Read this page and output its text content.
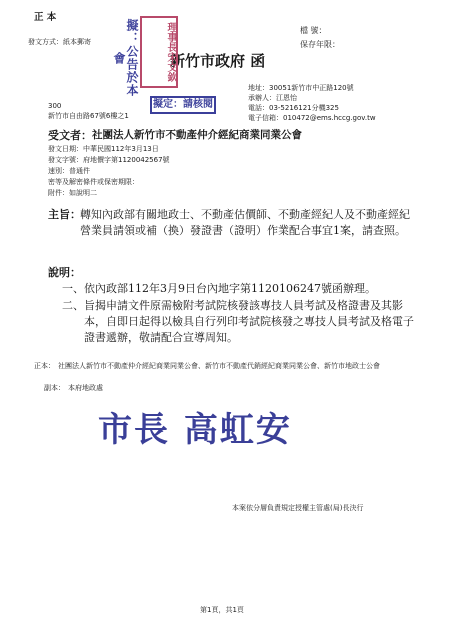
正 本
檔 號：
保存年限：
發文方式：紙本郵寄
新竹市政府 函
地址：30051新竹市中正路120號
承辦人：江恩怡
電話：03-5216121分機325
電子信箱：010472@ems.hccg.gov.tw
擬：公告於本會	理事長宋文欽
擬定：請核閱
300
新竹市自由路67號6樓之1
受文者： 社團法人新竹市不動產仲介經紀商業同業公會
發文日期：中華民國112年3月13日
發文字號：府地價字第1120042567號
速別：普通件
密等及解密條件或保密期限：
附件：如說明二
主旨： 轉知內政部有關地政士、不動產估價師、不動產經紀人及不動產經紀營業員請領或補（換）發證書（證明）作業配合事宜1案，請查照。
說明：
一、 依內政部112年3月9日台內地字第1120106247號函辦理。
二、 旨揭申請文件原需檢附考試院核發該專技人員考試及格證書及其影本，自即日起得以檢具自行列印考試院核發之專技人員考試及格電子證書遞辦，敬請配合宣導周知。
正本： 社團法人新竹市不動產仲介經紀商業同業公會、新竹市不動產代銷經紀商業同業公會、新竹市地政士公會
副本： 本府地政處
市長 高虹安
本案依分層負責規定授權主管處(局)長決行
第1頁，共1頁
